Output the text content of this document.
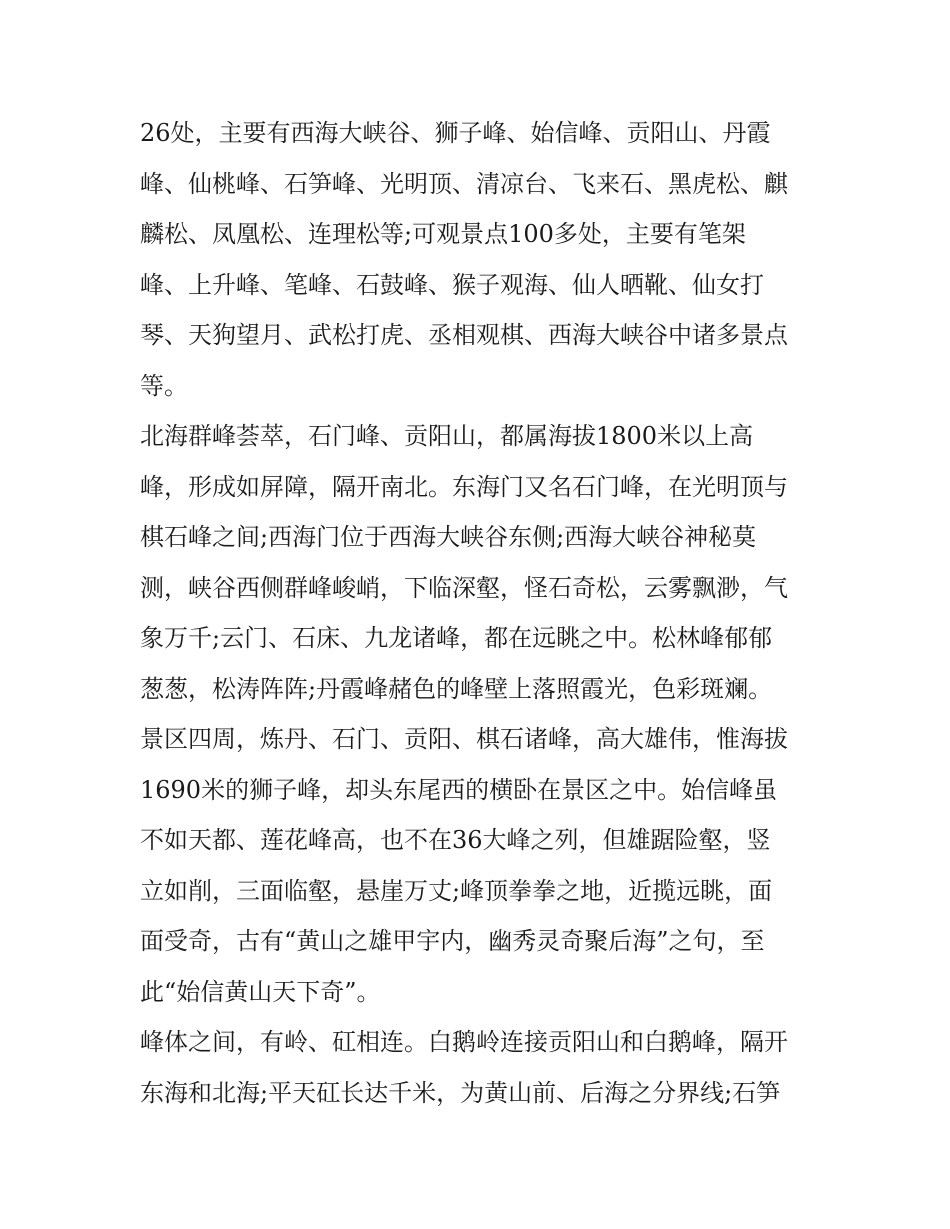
26处，主要有西海大峡谷、狮子峰、始信峰、贡阳山、丹霞
峰、仙桃峰、石笋峰、光明顶、清凉台、飞来石、黑虎松、麒
麟松、凤凰松、连理松等;可观景点100多处，主要有笔架
峰、上升峰、笔峰、石鼓峰、猴子观海、仙人晒靴、仙女打
琴、天狗望月、武松打虎、丞相观棋、西海大峡谷中诸多景点
等。
北海群峰荟萃，石门峰、贡阳山，都属海拔1800米以上高
峰，形成如屏障，隔开南北。东海门又名石门峰，在光明顶与
棋石峰之间;西海门位于西海大峡谷东侧;西海大峡谷神秘莫
测，峡谷西侧群峰峻峭，下临深壑，怪石奇松，云雾飘渺，气
象万千;云门、石床、九龙诸峰，都在远眺之中。松林峰郁郁
葱葱，松涛阵阵;丹霞峰赭色的峰壁上落照霞光，色彩斑斓。
景区四周，炼丹、石门、贡阳、棋石诸峰，高大雄伟，惟海拔
1690米的狮子峰，却头东尾西的横卧在景区之中。始信峰虽
不如天都、莲花峰高，也不在36大峰之列，但雄踞险壑，竖
立如削，三面临壑，悬崖万丈;峰顶拳拳之地，近揽远眺，面
面受奇，古有“黄山之雄甲宇内，幽秀灵奇聚后海”之句，至
此“始信黄山天下奇”。
峰体之间，有岭、矼相连。白鹅岭连接贡阳山和白鹅峰，隔开
东海和北海;平天矼长达千米，为黄山前、后海之分界线;石笋
